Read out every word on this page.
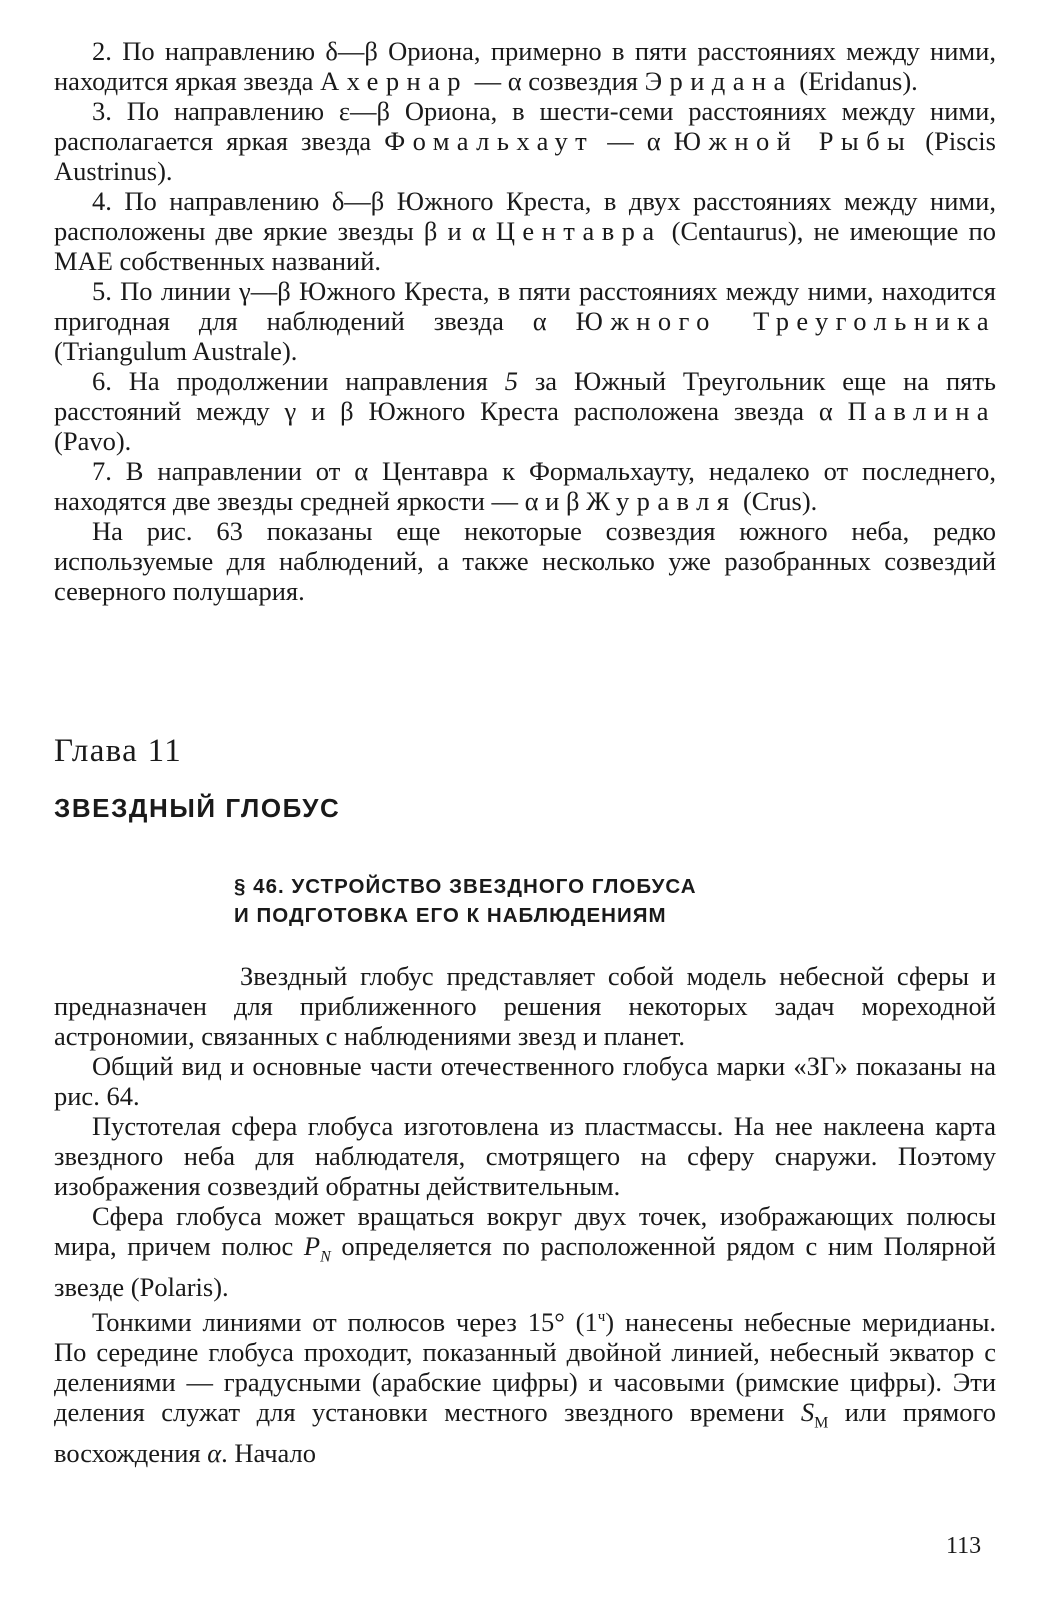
2. По направлению δ—β Ориона, примерно в пяти расстояниях между ними, находится яркая звезда Ахернар — α созвездия Эридана (Eridanus).

3. По направлению ε—β Ориона, в шести-семи расстояниях между ними, располагается яркая звезда Фомальхаут — α Южной Рыбы (Piscis Austrinus).

4. По направлению δ—β Южного Креста, в двух расстояниях между ними, расположены две яркие звезды β и α Центавра (Centaurus), не имеющие по МАЕ собственных названий.

5. По линии γ—β Южного Креста, в пяти расстояниях между ними, находится пригодная для наблюдений звезда α Южного Треугольника (Triangulum Australe).

6. На продолжении направления 5 за Южный Треугольник еще на пять расстояний между γ и β Южного Креста расположена звезда α Павлина (Pavo).

7. В направлении от α Центавра к Формальхауту, недалеко от последнего, находятся две звезды средней яркости — α и β Журавля (Crus).

На рис. 63 показаны еще некоторые созвездия южного неба, редко используемые для наблюдений, а также несколько уже разобранных созвездий северного полушария.

Глава 11

ЗВЕЗДНЫЙ ГЛОБУС

§ 46. УСТРОЙСТВО ЗВЕЗДНОГО ГЛОБУСА
И ПОДГОТОВКА ЕГО К НАБЛЮДЕНИЯМ

Звездный глобус представляет собой модель небесной сферы и предназначен для приближенного решения некоторых задач мореходной астрономии, связанных с наблюдениями звезд и планет.

Общий вид и основные части отечественного глобуса марки «ЗГ» показаны на рис. 64.

Пустотелая сфера глобуса изготовлена из пластмассы. На нее наклеена карта звездного неба для наблюдателя, смотрящего на сферу снаружи. Поэтому изображения созвездий обратны действительным.

Сфера глобуса может вращаться вокруг двух точек, изображающих полюсы мира, причем полюс $P_N$ определяется по расположенной рядом с ним Полярной звезде (Polaris).

Тонкими линиями от полюсов через 15° $(1^ч)$ нанесены небесные меридианы. По середине глобуса проходит, показанный двойной линией, небесный экватор с делениями — градусными (арабские цифры) и часовыми (римские цифры). Эти деления служат для установки местного звездного времени $S_М$ или прямого восхождения α. Начало

113
